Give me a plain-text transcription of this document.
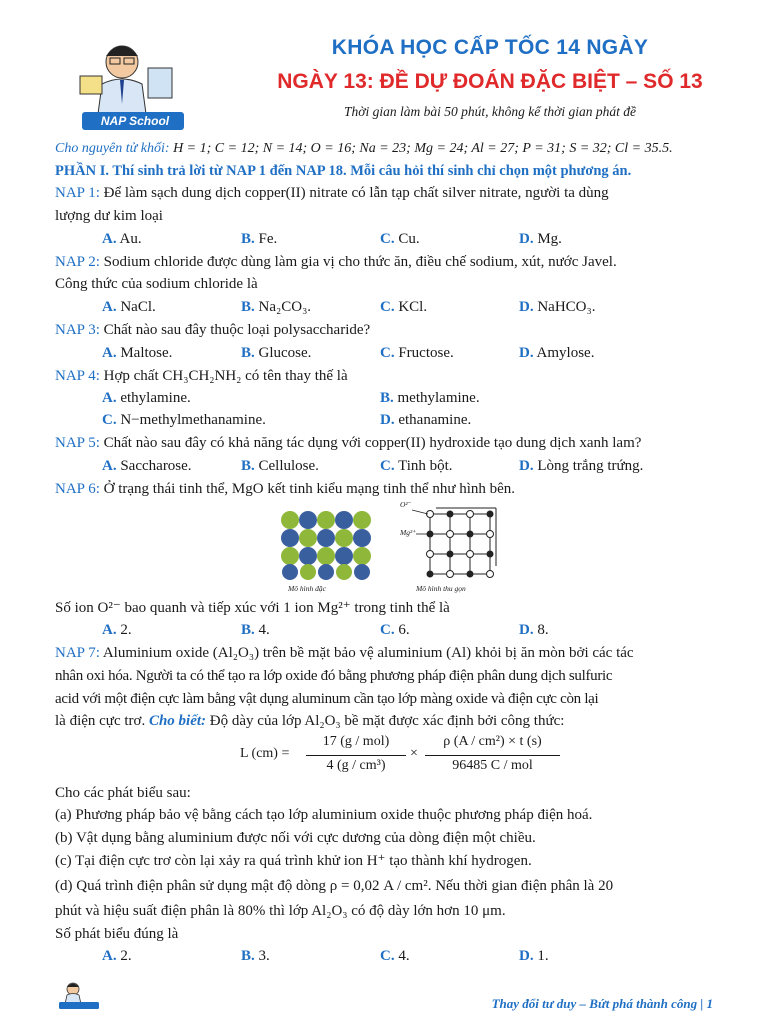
NAP School
KHÓA HỌC CẤP TỐC 14 NGÀY
NGÀY 13: ĐỀ DỰ ĐOÁN ĐẶC BIỆT – SỐ 13
Thời gian làm bài 50 phút, không kể thời gian phát đề
Cho nguyên tử khối: H = 1; C = 12; N = 14; O = 16; Na = 23; Mg = 24; Al = 27; P = 31; S = 32; Cl = 35.5.
PHẦN I. Thí sinh trả lời từ NAP 1 đến NAP 18. Mỗi câu hỏi thí sinh chỉ chọn một phương án.
NAP 1: Để làm sạch dung dịch copper(II) nitrate có lẫn tạp chất silver nitrate, người ta dùng
lượng dư kim loại
A. Au.	B. Fe.	C. Cu.	D. Mg.
NAP 2: Sodium chloride được dùng làm gia vị cho thức ăn, điều chế sodium, xút, nước Javel.
Công thức của sodium chloride là
A. NaCl.	B. Na₂CO₃.	C. KCl.	D. NaHCO₃.
NAP 3: Chất nào sau đây thuộc loại polysaccharide?
A. Maltose.	B. Glucose.	C. Fructose.	D. Amylose.
NAP 4: Hợp chất CH₃CH₂NH₂ có tên thay thế là
A. ethylamine.	B. methylamine.
C. N−methylmethanamine.	D. ethanamine.
NAP 5: Chất nào sau đây có khả năng tác dụng với copper(II) hydroxide tạo dung dịch xanh lam?
A. Saccharose.	B. Cellulose.	C. Tinh bột.	D. Lòng trắng trứng.
NAP 6: Ở trạng thái tinh thể, MgO kết tinh kiểu mạng tinh thể như hình bên.
Mô hình đặc
O²⁻
Mg²⁺
Mô hình thu gọn
Số ion O²⁻ bao quanh và tiếp xúc với 1 ion Mg²⁺ trong tinh thể là
A. 2.	B. 4.	C. 6.	D. 8.
NAP 7: Aluminium oxide (Al₂O₃) trên bề mặt bảo vệ aluminium (Al) khỏi bị ăn mòn bởi các tác
nhân oxi hóa. Người ta có thể tạo ra lớp oxide đó bằng phương pháp điện phân dung dịch sulfuric
acid với một điện cực làm bằng vật dụng aluminum cần tạo lớp màng oxide và điện cực còn lại
là điện cực trơ. Cho biết: Độ dày của lớp Al₂O₃ bề mặt được xác định bởi công thức:
L (cm) =
17 (g / mol)
4 (g / cm³)
×
ρ (A / cm²) × t (s)
96485 C / mol
Cho các phát biểu sau:
(a) Phương pháp bảo vệ bằng cách tạo lớp aluminium oxide thuộc phương pháp điện hoá.
(b) Vật dụng bằng aluminium được nối với cực dương của dòng điện một chiều.
(c) Tại điện cực trơ còn lại xảy ra quá trình khử ion H⁺ tạo thành khí hydrogen.
(d) Quá trình điện phân sử dụng mật độ dòng ρ = 0,02 A / cm². Nếu thời gian điện phân là 20
phút và hiệu suất điện phân là 80% thì lớp Al₂O₃ có độ dày lớn hơn 10 μm.
Số phát biểu đúng là
A. 2.	B. 3.	C. 4.	D. 1.
Thay đổi tư duy – Bứt phá thành công | 1
